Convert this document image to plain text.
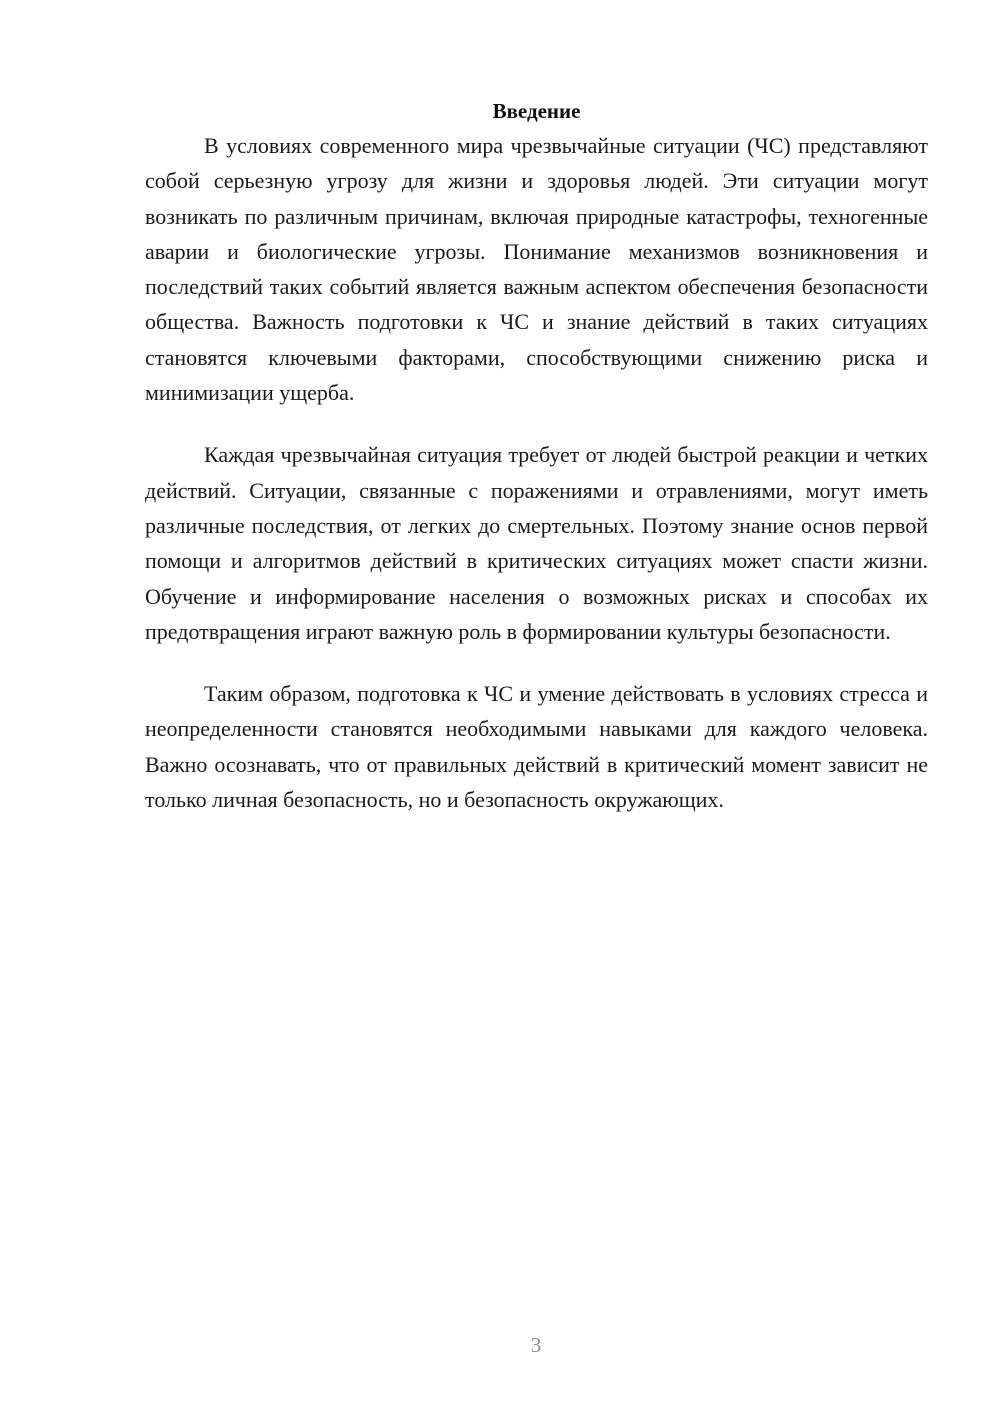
Введение

В условиях современного мира чрезвычайные ситуации (ЧС) представляют собой серьезную угрозу для жизни и здоровья людей. Эти ситуации могут возникать по различным причинам, включая природные катастрофы, техногенные аварии и биологические угрозы. Понимание механизмов возникновения и последствий таких событий является важным аспектом обеспечения безопасности общества. Важность подготовки к ЧС и знание действий в таких ситуациях становятся ключевыми факторами, способствующими снижению риска и минимизации ущерба.

Каждая чрезвычайная ситуация требует от людей быстрой реакции и четких действий. Ситуации, связанные с поражениями и отравлениями, могут иметь различные последствия, от легких до смертельных. Поэтому знание основ первой помощи и алгоритмов действий в критических ситуациях может спасти жизни. Обучение и информирование населения о возможных рисках и способах их предотвращения играют важную роль в формировании культуры безопасности.

Таким образом, подготовка к ЧС и умение действовать в условиях стресса и неопределенности становятся необходимыми навыками для каждого человека. Важно осознавать, что от правильных действий в критический момент зависит не только личная безопасность, но и безопасность окружающих.

3
